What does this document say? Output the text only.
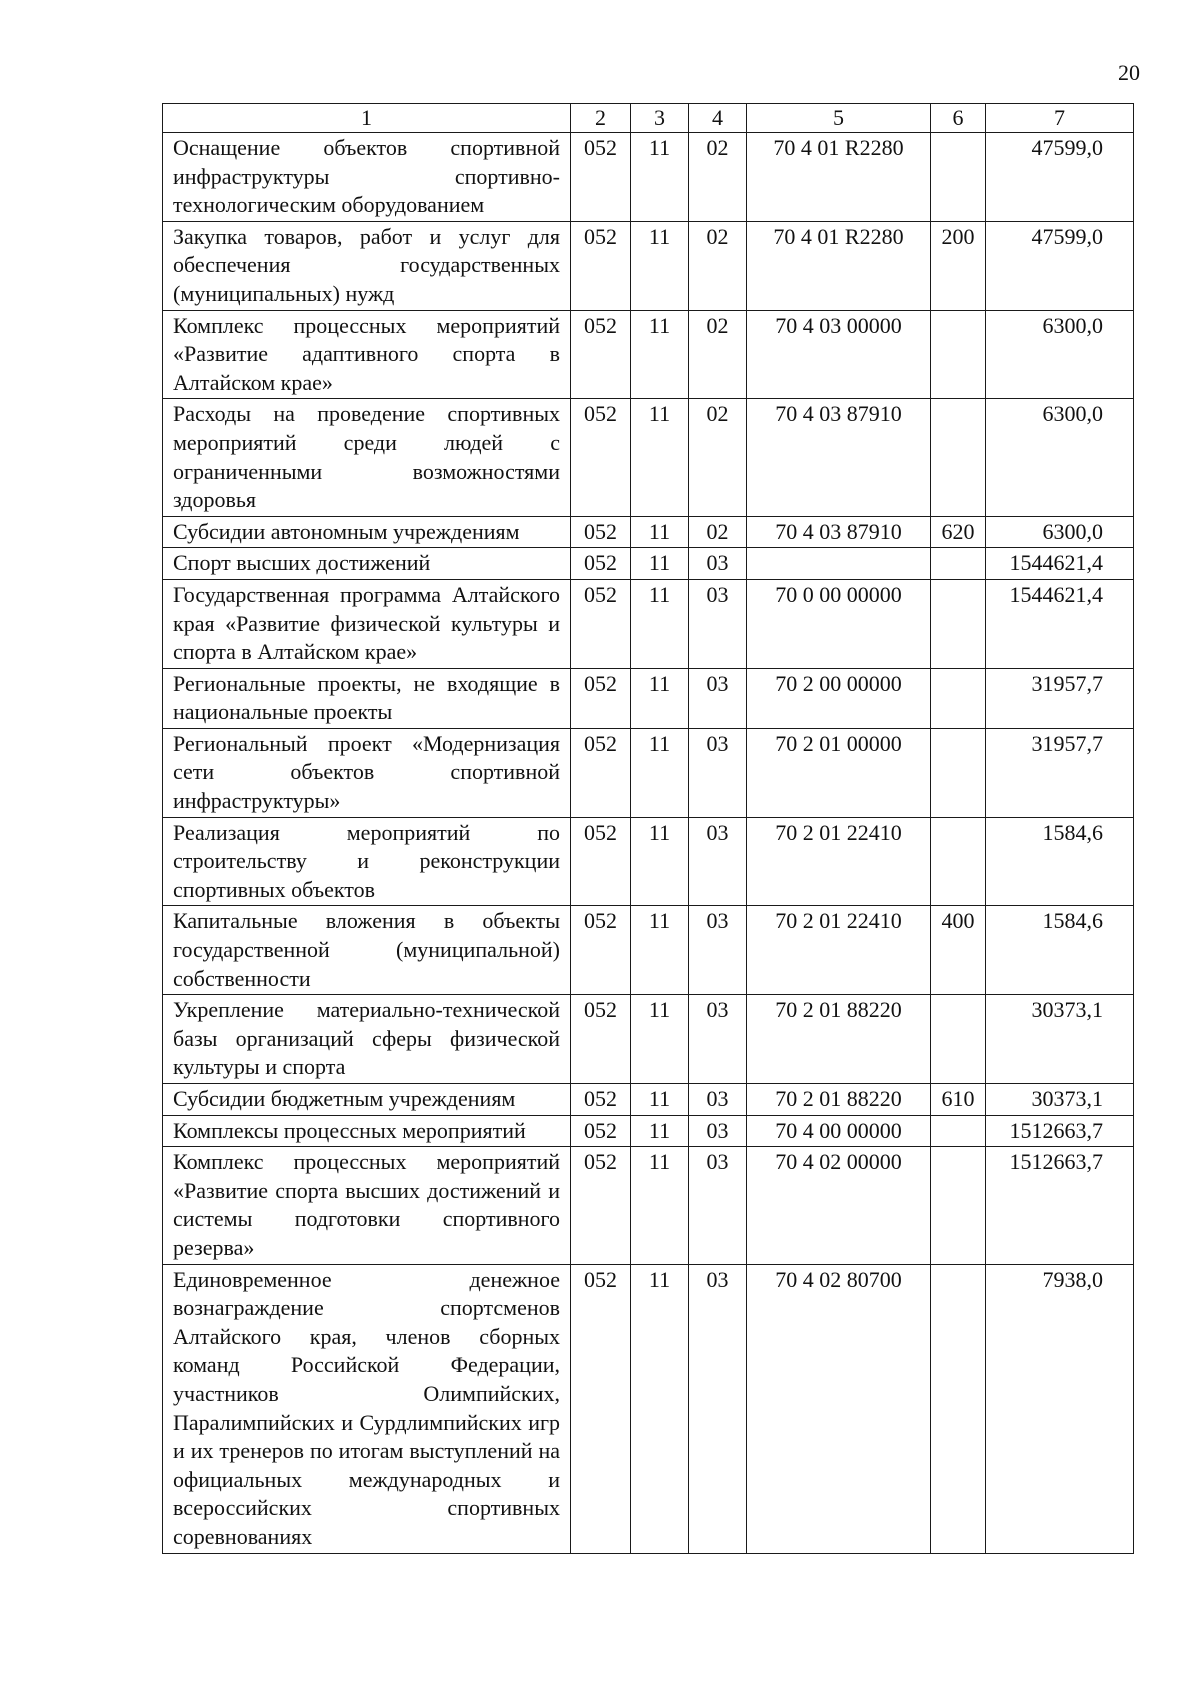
20
1	2	3	4	5	6	7
Оснащение объектов спортивной инфраструктуры спортивно-технологическим оборудованием	052	11	02	70 4 01 R2280		47599,0
Закупка товаров, работ и услуг для обеспечения государственных (муниципальных) нужд	052	11	02	70 4 01 R2280	200	47599,0
Комплекс процессных мероприятий «Развитие адаптивного спорта в Алтайском крае»	052	11	02	70 4 03 00000		6300,0
Расходы на проведение спортивных мероприятий среди людей с ограниченными возможностями здоровья	052	11	02	70 4 03 87910		6300,0
Субсидии автономным учреждениям	052	11	02	70 4 03 87910	620	6300,0
Спорт высших достижений	052	11	03			1544621,4
Государственная программа Алтайского края «Развитие физической культуры и спорта в Алтайском крае»	052	11	03	70 0 00 00000		1544621,4
Региональные проекты, не входящие в национальные проекты	052	11	03	70 2 00 00000		31957,7
Региональный проект «Модернизация сети объектов спортивной инфраструктуры»	052	11	03	70 2 01 00000		31957,7
Реализация мероприятий по строительству и реконструкции спортивных объектов	052	11	03	70 2 01 22410		1584,6
Капитальные вложения в объекты государственной (муниципальной) собственности	052	11	03	70 2 01 22410	400	1584,6
Укрепление материально-технической базы организаций сферы физической культуры и спорта	052	11	03	70 2 01 88220		30373,1
Субсидии бюджетным учреждениям	052	11	03	70 2 01 88220	610	30373,1
Комплексы процессных мероприятий	052	11	03	70 4 00 00000		1512663,7
Комплекс процессных мероприятий «Развитие спорта высших достижений и системы подготовки спортивного резерва»	052	11	03	70 4 02 00000		1512663,7
Единовременное денежное вознаграждение спортсменов Алтайского края, членов сборных команд Российской Федерации, участников Олимпийских, Паралимпийских и Сурдлимпийских игр и их тренеров по итогам выступлений на официальных международных и всероссийских спортивных соревнованиях	052	11	03	70 4 02 80700		7938,0
